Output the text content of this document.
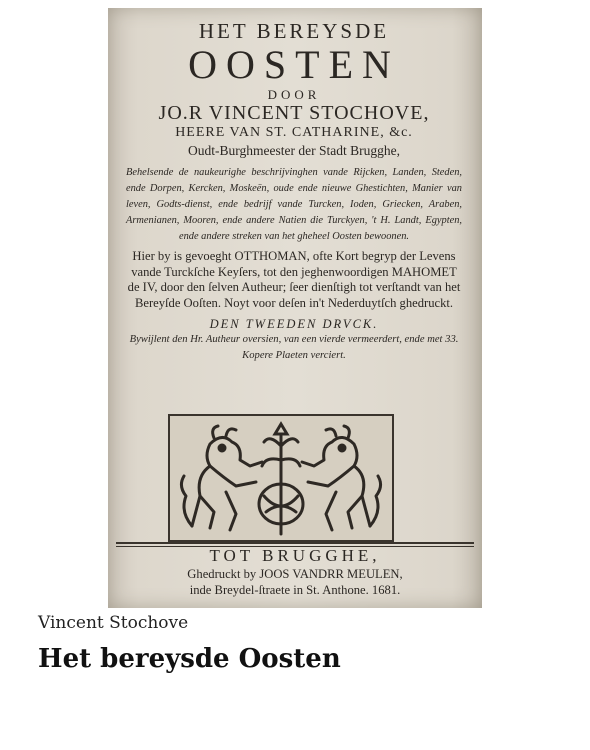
HET BEREYSDE
OOSTEN
DOOR
JO.R VINCENT STOCHOVE,
HEERE VAN ST. CATHARINE, &c.
Oudt-Burghmeester der Stadt Brugghe,
Behelsende de naukeurighe beschrijvinghen vande Rijcken, Landen, Steden, ende Dorpen, Kercken, Moskeën, oude ende nieuwe Ghestichten, Manier van leven, Godts-dienst, ende bedrijf vande Turcken, Ioden, Griecken, Araben, Armenianen, Mooren, ende andere Natien die Turckyen, 't H. Landt, Egypten, ende andere streken van het gheheel Oosten bewoonen.
Hier by is gevoeght OTTHOMAN, ofte Kort begryp der Levens vande Turckſche Keyſers, tot den jeghenwoordigen MAHOMET de IV, door den ſelven Autheur; ſeer dienſtigh tot verſtandt van het Bereyſde Ooſten. Noyt voor deſen in't Nederduytſch ghedruckt.
DEN TWEEDEN DRVCK.
Bywijlent den Hr. Autheur oversien, van een vierde vermeerdert, ende met 33. Kopere Plaeten verciert.
TOT BRUGGHE,
Ghedruckt by JOOS VANDRR MEULEN,
inde Breydel-ſtraete in St. Anthone. 1681.
Vincent Stochove
Het bereysde Oosten
